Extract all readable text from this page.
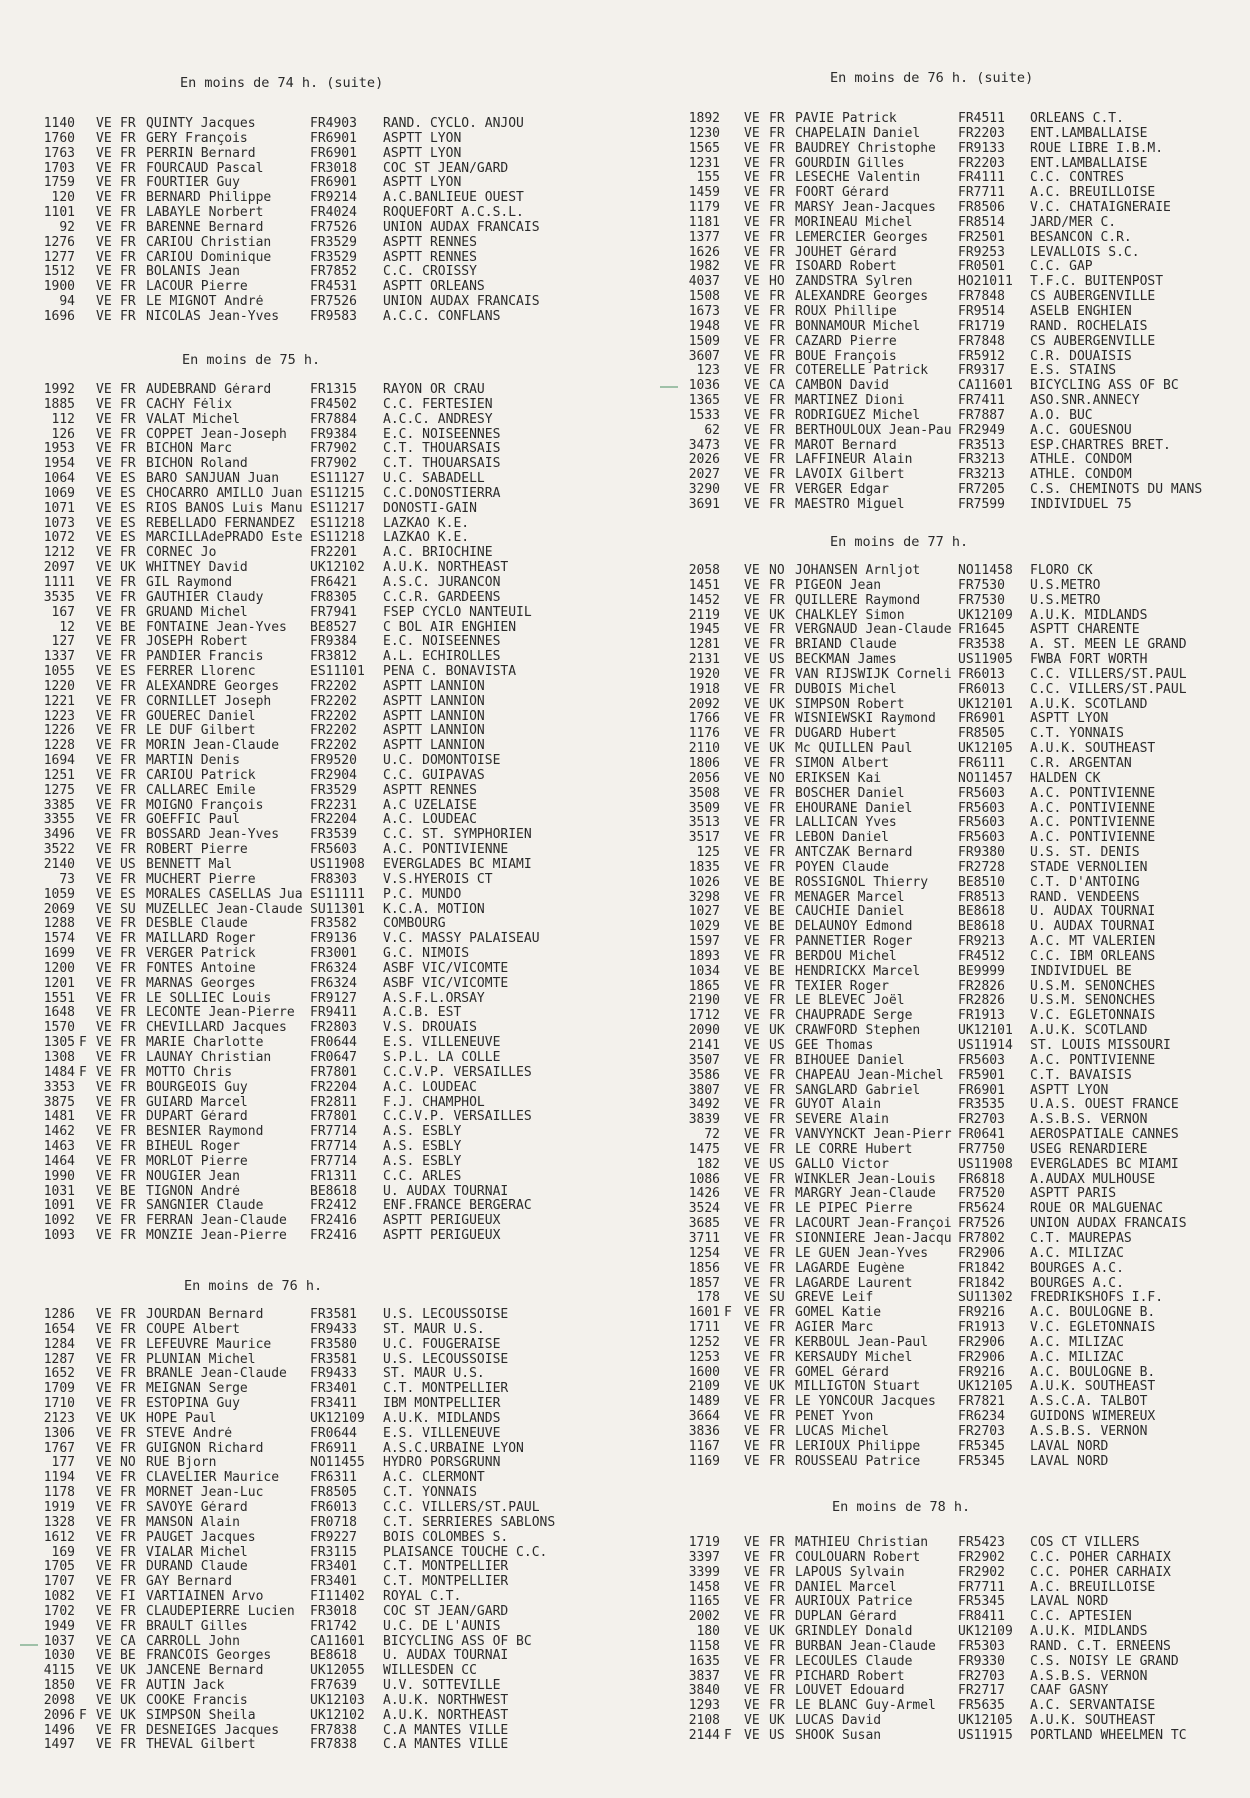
En moins de 74 h. (suite)
1140 VE FR QUINTY Jacques	FR4903	RAND. CYCLO. ANJOU
1760 VE FR GERY François	FR6901	ASPTT LYON
1763 VE FR PERRIN Bernard	FR6901	ASPTT LYON
1703 VE FR FOURCAUD Pascal	FR3018	COC ST JEAN/GARD
1759 VE FR FOURTIER Guy	FR6901	ASPTT LYON
120 VE FR BERNARD Philippe	FR9214	A.C.BANLIEUE OUEST
1101 VE FR LABAYLE Norbert	FR4024	ROQUEFORT A.C.S.L.
92 VE FR BARENNE Bernard	FR7526	UNION AUDAX FRANCAIS
1276 VE FR CARIOU Christian	FR3529	ASPTT RENNES
1277 VE FR CARIOU Dominique	FR3529	ASPTT RENNES
1512 VE FR BOLANIS Jean	FR7852	C.C. CROISSY
1900 VE FR LACOUR Pierre	FR4531	ASPTT ORLEANS
94 VE FR LE MIGNOT André	FR7526	UNION AUDAX FRANCAIS
1696 VE FR NICOLAS Jean-Yves	FR9583	A.C.C. CONFLANS
En moins de 75 h.
1992 VE FR AUDEBRAND Gérard	FR1315	RAYON OR CRAU
1885 VE FR CACHY Félix	FR4502	C.C. FERTESIEN
112 VE FR VALAT Michel	FR7884	A.C.C. ANDRESY
126 VE FR COPPET Jean-Joseph	FR9384	E.C. NOISEENNES
1953 VE FR BICHON Marc	FR7902	C.T. THOUARSAIS
1954 VE FR BICHON Roland	FR7902	C.T. THOUARSAIS
1064 VE ES BARO SANJUAN Juan	ES11127	U.C. SABADELL
1069 VE ES CHOCARRO AMILLO Juan ES11215	C.C.DONOSTIERRA
1071 VE ES RIOS BANOS Luis Manu ES11217	DONOSTI-GAIN
1073 VE ES REBELLADO FERNANDEZ	ES11218	LAZKAO K.E.
1072 VE ES MARCILLAdePRADO Este ES11218	LAZKAO K.E.
1212 VE FR CORNEC Jo	FR2201	A.C. BRIOCHINE
2097 VE UK WHITNEY David	UK12102	A.U.K. NORTHEAST
1111 VE FR GIL Raymond	FR6421	A.S.C. JURANCON
3535 VE FR GAUTHIER Claudy	FR8305	C.C.R. GARDEENS
167 VE FR GRUAND Michel	FR7941	FSEP CYCLO NANTEUIL
12 VE BE FONTAINE Jean-Yves	BE8527	C BOL AIR ENGHIEN
127 VE FR JOSEPH Robert	FR9384	E.C. NOISEENNES
1337 VE FR PANDIER Francis	FR3812	A.L. ECHIROLLES
1055 VE ES FERRER Llorenc	ES11101	PENA C. BONAVISTA
1220 VE FR ALEXANDRE Georges	FR2202	ASPTT LANNION
1221 VE FR CORNILLET Joseph	FR2202	ASPTT LANNION
1223 VE FR GOUEREC Daniel	FR2202	ASPTT LANNION
1226 VE FR LE DUF Gilbert	FR2202	ASPTT LANNION
1228 VE FR MORIN Jean-Claude	FR2202	ASPTT LANNION
1694 VE FR MARTIN Denis	FR9520	U.C. DOMONTOISE
1251 VE FR CARIOU Patrick	FR2904	C.C. GUIPAVAS
1275 VE FR CALLAREC Emile	FR3529	ASPTT RENNES
3385 VE FR MOIGNO François	FR2231	A.C UZELAISE
3355 VE FR GOEFFIC Paul	FR2204	A.C. LOUDEAC
3496 VE FR BOSSARD Jean-Yves	FR3539	C.C. ST. SYMPHORIEN
3522 VE FR ROBERT Pierre	FR5603	A.C. PONTIVIENNE
2140 VE US BENNETT Mal	US11908	EVERGLADES BC MIAMI
73 VE FR MUCHERT Pierre	FR8303	V.S.HYEROIS CT
1059 VE ES MORALES CASELLAS Jua ES11111	P.C. MUNDO
2069 VE SU MUZELLEC Jean-Claude SU11301	K.C.A. MOTION
1288 VE FR DESBLE Claude	FR3582	COMBOURG
1574 VE FR MAILLARD Roger	FR9136	V.C. MASSY PALAISEAU
1699 VE FR VERGER Patrick	FR3001	G.C. NIMOIS
1200 VE FR FONTES Antoine	FR6324	ASBF VIC/VICOMTE
1201 VE FR MARNAS Georges	FR6324	ASBF VIC/VICOMTE
1551 VE FR LE SOLLIEC Louis	FR9127	A.S.F.L.ORSAY
1648 VE FR LECONTE Jean-Pierre	FR9411	A.C.B. EST
1570 VE FR CHEVILLARD Jacques	FR2803	V.S. DROUAIS
1305 F VE FR MARIE Charlotte	FR0644	E.S. VILLENEUVE
1308 VE FR LAUNAY Christian	FR0647	S.P.L. LA COLLE
1484 F VE FR MOTTO Chris	FR7801	C.C.V.P. VERSAILLES
3353 VE FR BOURGEOIS Guy	FR2204	A.C. LOUDEAC
3875 VE FR GUIARD Marcel	FR2811	F.J. CHAMPHOL
1481 VE FR DUPART Gérard	FR7801	C.C.V.P. VERSAILLES
1462 VE FR BESNIER Raymond	FR7714	A.S. ESBLY
1463 VE FR BIHEUL Roger	FR7714	A.S. ESBLY
1464 VE FR MORLOT Pierre	FR7714	A.S. ESBLY
1990 VE FR NOUGIER Jean	FR1311	C.C. ARLES
1031 VE BE TIGNON André	BE8618	U. AUDAX TOURNAI
1091 VE FR SANGNIER Claude	FR2412	ENF.FRANCE BERGERAC
1092 VE FR FERRAN Jean-Claude	FR2416	ASPTT PERIGUEUX
1093 VE FR MONZIE Jean-Pierre	FR2416	ASPTT PERIGUEUX
En moins de 76 h.
1286 VE FR JOURDAN Bernard	FR3581	U.S. LECOUSSOISE
1654 VE FR COUPE Albert	FR9433	ST. MAUR U.S.
1284 VE FR LEFEUVRE Maurice	FR3580	U.C. FOUGERAISE
1287 VE FR PLUNIAN Michel	FR3581	U.S. LECOUSSOISE
1652 VE FR BRANLE Jean-Claude	FR9433	ST. MAUR U.S.
1709 VE FR MEIGNAN Serge	FR3401	C.T. MONTPELLIER
1710 VE FR ESTOPINA Guy	FR3411	IBM MONTPELLIER
2123 VE UK HOPE Paul	UK12109	A.U.K. MIDLANDS
1306 VE FR STEVE André	FR0644	E.S. VILLENEUVE
1767 VE FR GUIGNON Richard	FR6911	A.S.C.URBAINE LYON
177 VE NO RUE Bjorn	NO11455	HYDRO PORSGRUNN
1194 VE FR CLAVELIER Maurice	FR6311	A.C. CLERMONT
1178 VE FR MORNET Jean-Luc	FR8505	C.T. YONNAIS
1919 VE FR SAVOYE Gérard	FR6013	C.C. VILLERS/ST.PAUL
1328 VE FR MANSON Alain	FR0718	C.T. SERRIERES SABLONS
1612 VE FR PAUGET Jacques	FR9227	BOIS COLOMBES S.
169 VE FR VIALAR Michel	FR3115	PLAISANCE TOUCHE C.C.
1705 VE FR DURAND Claude	FR3401	C.T. MONTPELLIER
1707 VE FR GAY Bernard	FR3401	C.T. MONTPELLIER
1082 VE FI VARTIAINEN Arvo	FI11402	ROYAL C.T.
1702 VE FR CLAUDEPIERRE Lucien	FR3018	COC ST JEAN/GARD
1949 VE FR BRAULT Gilles	FR1742	U.C. DE L'AUNIS
1037 VE CA CARROLL John	CA11601	BICYCLING ASS OF BC
1030 VE BE FRANCOIS Georges	BE8618	U. AUDAX TOURNAI
4115 VE UK JANCENE Bernard	UK12055	WILLESDEN CC
1850 VE FR AUTIN Jack	FR7639	U.V. SOTTEVILLE
2098 VE UK COOKE Francis	UK12103	A.U.K. NORTHWEST
2096 F VE UK SIMPSON Sheila	UK12102	A.U.K. NORTHEAST
1496 VE FR DESNEIGES Jacques	FR7838	C.A MANTES VILLE
1497 VE FR THEVAL Gilbert	FR7838	C.A MANTES VILLE
En moins de 76 h. (suite)
1892 VE FR PAVIE Patrick	FR4511	ORLEANS C.T.
1230 VE FR CHAPELAIN Daniel	FR2203	ENT.LAMBALLAISE
1565 VE FR BAUDREY Christophe	FR9133	ROUE LIBRE I.B.M.
1231 VE FR GOURDIN Gilles	FR2203	ENT.LAMBALLAISE
155 VE FR LESECHE Valentin	FR4111	C.C. CONTRES
1459 VE FR FOORT Gérard	FR7711	A.C. BREUILLOISE
1179 VE FR MARSY Jean-Jacques	FR8506	V.C. CHATAIGNERAIE
1181 VE FR MORINEAU Michel	FR8514	JARD/MER C.
1377 VE FR LEMERCIER Georges	FR2501	BESANCON C.R.
1626 VE FR JOUHET Gérard	FR9253	LEVALLOIS S.C.
1982 VE FR ISOARD Robert	FR0501	C.C. GAP
4037 VE HO ZANDSTRA Sylren	HO21011	T.F.C. BUITENPOST
1508 VE FR ALEXANDRE Georges	FR7848	CS AUBERGENVILLE
1673 VE FR ROUX Phillipe	FR9514	ASELB ENGHIEN
1948 VE FR BONNAMOUR Michel	FR1719	RAND. ROCHELAIS
1509 VE FR CAZARD Pierre	FR7848	CS AUBERGENVILLE
3607 VE FR BOUE François	FR5912	C.R. DOUAISIS
123 VE FR COTERELLE Patrick	FR9317	E.S. STAINS
1036 VE CA CAMBON David	CA11601	BICYCLING ASS OF BC
1365 VE FR MARTINEZ Dioni	FR7411	ASO.SNR.ANNECY
1533 VE FR RODRIGUEZ Michel	FR7887	A.O. BUC
62 VE FR BERTHOULOUX Jean-Pau FR2949	A.C. GOUESNOU
3473 VE FR MAROT Bernard	FR3513	ESP.CHARTRES BRET.
2026 VE FR LAFFINEUR Alain	FR3213	ATHLE. CONDOM
2027 VE FR LAVOIX Gilbert	FR3213	ATHLE. CONDOM
3290 VE FR VERGER Edgar	FR7205	C.S. CHEMINOTS DU MANS
3691 VE FR MAESTRO Miguel	FR7599	INDIVIDUEL 75
En moins de 77 h.
2058 VE NO JOHANSEN Arnljot	NO11458	FLORO CK
1451 VE FR PIGEON Jean	FR7530	U.S.METRO
1452 VE FR QUILLERE Raymond	FR7530	U.S.METRO
2119 VE UK CHALKLEY Simon	UK12109	A.U.K. MIDLANDS
1945 VE FR VERGNAUD Jean-Claude FR1645	ASPTT CHARENTE
1281 VE FR BRIAND Claude	FR3538	A. ST. MEEN LE GRAND
2131 VE US BECKMAN James	US11905	FWBA FORT WORTH
1920 VE FR VAN RIJSWIJK Corneli FR6013	C.C. VILLERS/ST.PAUL
1918 VE FR DUBOIS Michel	FR6013	C.C. VILLERS/ST.PAUL
2092 VE UK SIMPSON Robert	UK12101	A.U.K. SCOTLAND
1766 VE FR WISNIEWSKI Raymond	FR6901	ASPTT LYON
1176 VE FR DUGARD Hubert	FR8505	C.T. YONNAIS
2110 VE UK Mc QUILLEN Paul	UK12105	A.U.K. SOUTHEAST
1806 VE FR SIMON Albert	FR6111	C.R. ARGENTAN
2056 VE NO ERIKSEN Kai	NO11457	HALDEN CK
3508 VE FR BOSCHER Daniel	FR5603	A.C. PONTIVIENNE
3509 VE FR EHOURANE Daniel	FR5603	A.C. PONTIVIENNE
3513 VE FR LALLICAN Yves	FR5603	A.C. PONTIVIENNE
3517 VE FR LEBON Daniel	FR5603	A.C. PONTIVIENNE
125 VE FR ANTCZAK Bernard	FR9380	U.S. ST. DENIS
1835 VE FR POYEN Claude	FR2728	STADE VERNOLIEN
1026 VE BE ROSSIGNOL Thierry	BE8510	C.T. D'ANTOING
3298 VE FR MENAGER Marcel	FR8513	RAND. VENDEENS
1027 VE BE CAUCHIE Daniel	BE8618	U. AUDAX TOURNAI
1029 VE BE DELAUNOY Edmond	BE8618	U. AUDAX TOURNAI
1597 VE FR PANNETIER Roger	FR9213	A.C. MT VALERIEN
1893 VE FR BERDOU Michel	FR4512	C.C. IBM ORLEANS
1034 VE BE HENDRICKX Marcel	BE9999	INDIVIDUEL BE
1865 VE FR TEXIER Roger	FR2826	U.S.M. SENONCHES
2190 VE FR LE BLEVEC Joël	FR2826	U.S.M. SENONCHES
1712 VE FR CHAUPRADE Serge	FR1913	V.C. EGLETONNAIS
2090 VE UK CRAWFORD Stephen	UK12101	A.U.K. SCOTLAND
2141 VE US GEE Thomas	US11914	ST. LOUIS MISSOURI
3507 VE FR BIHOUEE Daniel	FR5603	A.C. PONTIVIENNE
3586 VE FR CHAPEAU Jean-Michel	FR5901	C.T. BAVAISIS
3807 VE FR SANGLARD Gabriel	FR6901	ASPTT LYON
3492 VE FR GUYOT Alain	FR3535	U.A.S. OUEST FRANCE
3839 VE FR SEVERE Alain	FR2703	A.S.B.S. VERNON
72 VE FR VANVYNCKT Jean-Pierr FR0641	AEROSPATIALE CANNES
1475 VE FR LE CORRE Hubert	FR7750	USEG RENARDIERE
182 VE US GALLO Victor	US11908	EVERGLADES BC MIAMI
1086 VE FR WINKLER Jean-Louis	FR6818	A.AUDAX MULHOUSE
1426 VE FR MARGRY Jean-Claude	FR7520	ASPTT PARIS
3524 VE FR LE PIPEC Pierre	FR5624	ROUE OR MALGUENAC
3685 VE FR LACOURT Jean-Françoi FR7526	UNION AUDAX FRANCAIS
3711 VE FR SIONNIERE Jean-Jacqu FR7802	C.T. MAUREPAS
1254 VE FR LE GUEN Jean-Yves	FR2906	A.C. MILIZAC
1856 VE FR LAGARDE Eugène	FR1842	BOURGES A.C.
1857 VE FR LAGARDE Laurent	FR1842	BOURGES A.C.
178 VE SU GREVE Leif	SU11302	FREDRIKSHOFS I.F.
1601 F VE FR GOMEL Katie	FR9216	A.C. BOULOGNE B.
1711 VE FR AGIER Marc	FR1913	V.C. EGLETONNAIS
1252 VE FR KERBOUL Jean-Paul	FR2906	A.C. MILIZAC
1253 VE FR KERSAUDY Michel	FR2906	A.C. MILIZAC
1600 VE FR GOMEL Gérard	FR9216	A.C. BOULOGNE B.
2109 VE UK MILLIGTON Stuart	UK12105	A.U.K. SOUTHEAST
1489 VE FR LE YONCOUR Jacques	FR7821	A.S.C.A. TALBOT
3664 VE FR PENET Yvon	FR6234	GUIDONS WIMEREUX
3836 VE FR LUCAS Michel	FR2703	A.S.B.S. VERNON
1167 VE FR LERIOUX Philippe	FR5345	LAVAL NORD
1169 VE FR ROUSSEAU Patrice	FR5345	LAVAL NORD
En moins de 78 h.
1719 VE FR MATHIEU Christian	FR5423	COS CT VILLERS
3397 VE FR COULOUARN Robert	FR2902	C.C. POHER CARHAIX
3399 VE FR LAPOUS Sylvain	FR2902	C.C. POHER CARHAIX
1458 VE FR DANIEL Marcel	FR7711	A.C. BREUILLOISE
1165 VE FR AURIOUX Patrice	FR5345	LAVAL NORD
2002 VE FR DUPLAN Gérard	FR8411	C.C. APTESIEN
180 VE UK GRINDLEY Donald	UK12109	A.U.K. MIDLANDS
1158 VE FR BURBAN Jean-Claude	FR5303	RAND. C.T. ERNEENS
1635 VE FR LECOULES Claude	FR9330	C.S. NOISY LE GRAND
3837 VE FR PICHARD Robert	FR2703	A.S.B.S. VERNON
3840 VE FR LOUVET Edouard	FR2717	CAAF GASNY
1293 VE FR LE BLANC Guy-Armel	FR5635	A.C. SERVANTAISE
2108 VE UK LUCAS David	UK12105	A.U.K. SOUTHEAST
2144 F VE US SHOOK Susan	US11915	PORTLAND WHEELMEN TC
